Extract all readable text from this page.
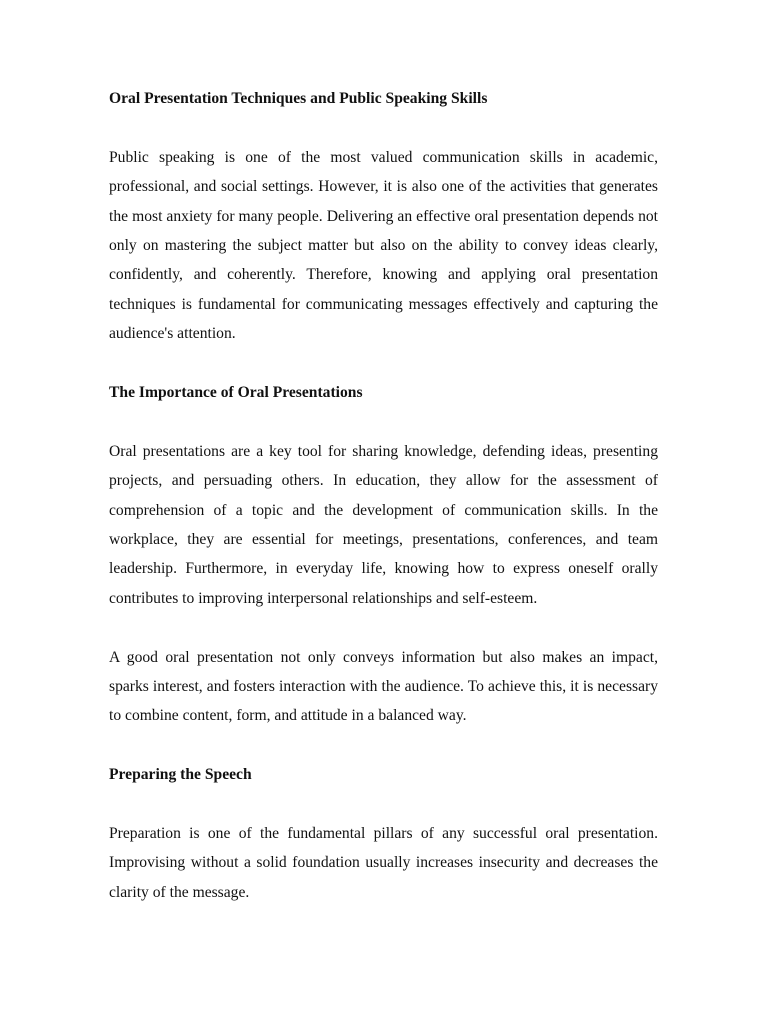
Oral Presentation Techniques and Public Speaking Skills

Public speaking is one of the most valued communication skills in academic, professional, and social settings. However, it is also one of the activities that generates the most anxiety for many people. Delivering an effective oral presentation depends not only on mastering the subject matter but also on the ability to convey ideas clearly, confidently, and coherently. Therefore, knowing and applying oral presentation techniques is fundamental for communicating messages effectively and capturing the audience's attention.

The Importance of Oral Presentations

Oral presentations are a key tool for sharing knowledge, defending ideas, presenting projects, and persuading others. In education, they allow for the assessment of comprehension of a topic and the development of communication skills. In the workplace, they are essential for meetings, presentations, conferences, and team leadership. Furthermore, in everyday life, knowing how to express oneself orally contributes to improving interpersonal relationships and self-esteem.

A good oral presentation not only conveys information but also makes an impact, sparks interest, and fosters interaction with the audience. To achieve this, it is necessary to combine content, form, and attitude in a balanced way.

Preparing the Speech

Preparation is one of the fundamental pillars of any successful oral presentation. Improvising without a solid foundation usually increases insecurity and decreases the clarity of the message.
